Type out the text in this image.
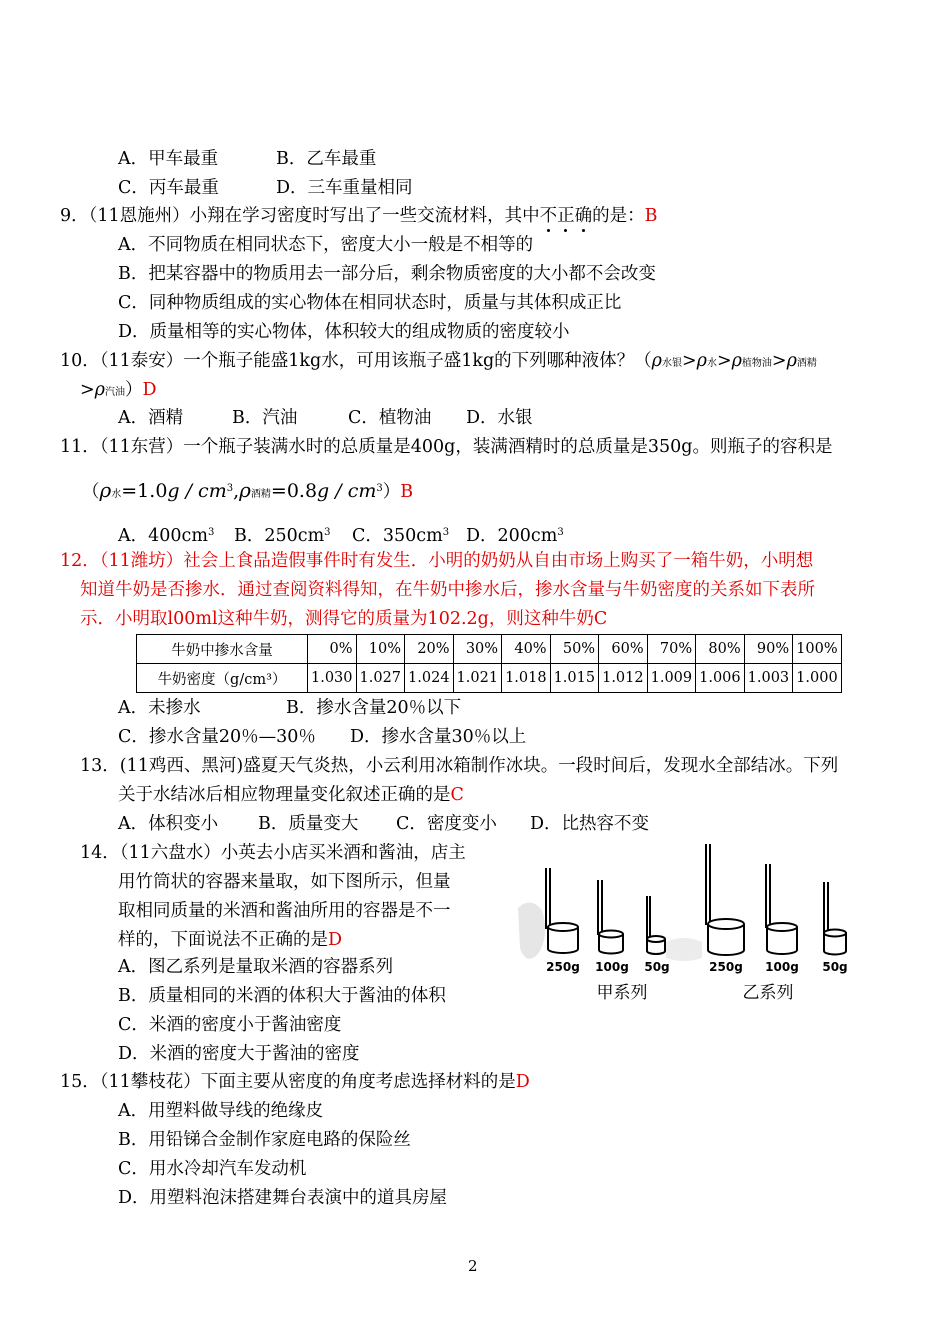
A．甲车最重	B．乙车最重
C．丙车最重	D．三车重量相同
9．（11恩施州）小翔在学习密度时写出了一些交流材料，其中不正确的是：B
A．不同物质在相同状态下，密度大小一般是不相等的
B．把某容器中的物质用去一部分后，剩余物质密度的大小都不会改变
C．同种物质组成的实心物体在相同状态时，质量与其体积成正比
D．质量相等的实心物体，体积较大的组成物质的密度较小
10．（11泰安）一个瓶子能盛1kg水，可用该瓶子盛1kg的下列哪种液体？（ρ水银>ρ水>ρ植物油>ρ酒精
>ρ汽油）D
A．酒精	B．汽油	C．植物油 D．水银
11．（11东营）一个瓶子装满水时的总质量是400g，装满酒精时的总质量是350g。则瓶子的容积是
（ρ水$=1.0g / cm^3,\rho$酒精$=0.8g / cm^3)B$
A．$400cm^3$ B．$250cm^3$ C．$350cm^3$ D．$200cm^3$
12．（11潍坊）社会上食品造假事件时有发生．小明的奶奶从自由市场上购买了一箱牛奶，小明想
知道牛奶是否掺水．通过查阅资料得知，在牛奶中掺水后，掺水含量与牛奶密度的关系如下表所
示．小明取l00ml这种牛奶，测得它的质量为102.2g，则这种牛奶C
牛奶中掺水含量	0%	10%	20%	30%	40%	50%	60%	70%	80%	90%	100%
牛奶密度（g/cm³）	1.030	1.027	1.024	1.021	1.018	1.015	1.012	1.009	1.006	1.003	1.000
A．未掺水	B．掺水含量20％以下
C．掺水含量20％—30％ D．掺水含量30％以上
13．(11鸡西、黑河)盛夏天气炎热，小云利用冰箱制作冰块。一段时间后，发现水全部结冰。下列
关于水结冰后相应物理量变化叙述正确的是C
A．体积变小 B．质量变大 C．密度变小 D．比热容不变
14．（11六盘水）小英去小店买米酒和酱油，店主
用竹筒状的容器来量取，如下图所示，但量
取相同质量的米酒和酱油所用的容器是不一
样的，下面说法不正确的是D
A．图乙系列是量取米酒的容器系列
B．质量相同的米酒的体积大于酱油的体积
C．米酒的密度小于酱油密度
D．米酒的密度大于酱油的密度
250g 100g 50g	250g 100g 50g
甲系列	乙系列
15．（11攀枝花）下面主要从密度的角度考虑选择材料的是D
A．用塑料做导线的绝缘皮
B．用铅锑合金制作家庭电路的保险丝
C．用水冷却汽车发动机
D．用塑料泡沫搭建舞台表演中的道具房屋
2
